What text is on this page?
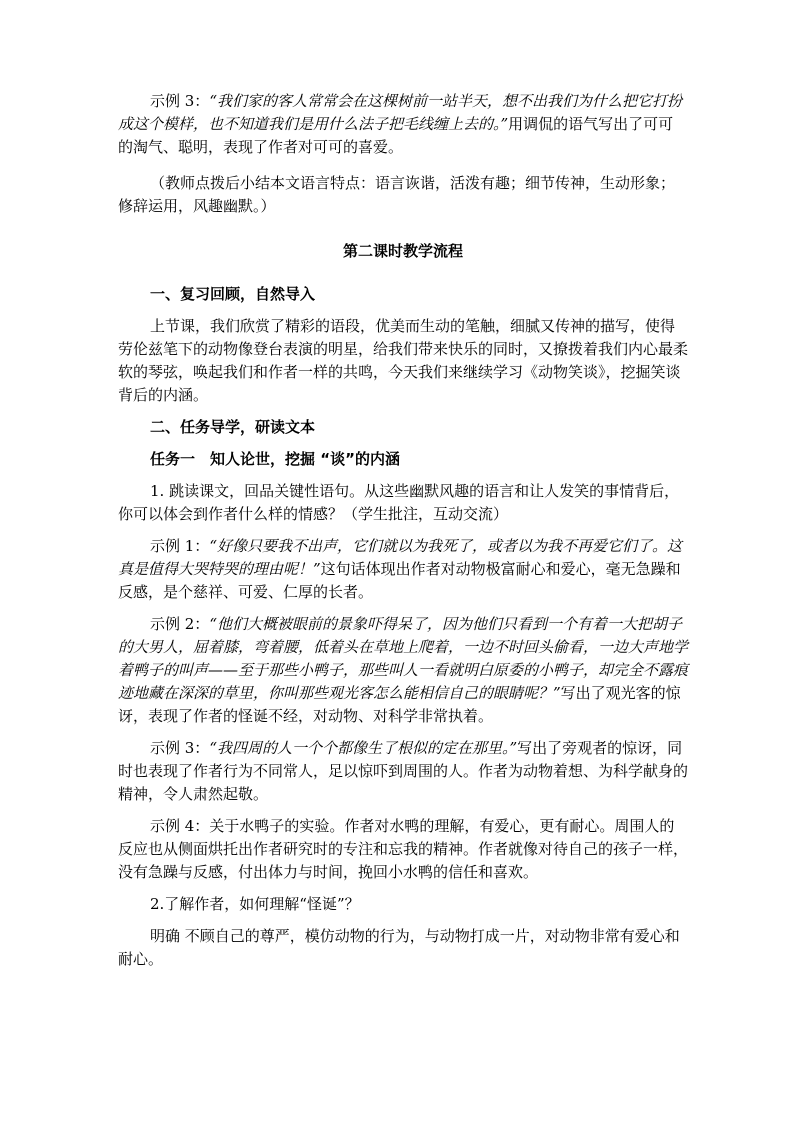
示例 3：“我们家的客人常常会在这棵树前一站半天，想不出我们为什么把它打扮成这个模样，也不知道我们是用什么法子把毛线缠上去的。”用调侃的语气写出了可可的淘气、聪明，表现了作者对可可的喜爱。

（教师点拨后小结本文语言特点：语言诙谐，活泼有趣；细节传神，生动形象；修辞运用，风趣幽默。）

第二课时教学流程

一、复习回顾，自然导入

上节课，我们欣赏了精彩的语段，优美而生动的笔触，细腻又传神的描写，使得劳伦兹笔下的动物像登台表演的明星，给我们带来快乐的同时，又撩拨着我们内心最柔软的琴弦，唤起我们和作者一样的共鸣，今天我们来继续学习《动物笑谈》，挖掘笑谈背后的内涵。

二、任务导学，研读文本

任务一　知人论世，挖掘 “谈”的内涵

1. 跳读课文，回品关键性语句。从这些幽默风趣的语言和让人发笑的事情背后，你可以体会到作者什么样的情感？（学生批注，互动交流）

示例 1：“好像只要我不出声，它们就以为我死了，或者以为我不再爱它们了。这真是值得大哭特哭的理由呢！”这句话体现出作者对动物极富耐心和爱心，毫无急躁和反感，是个慈祥、可爱、仁厚的长者。

示例 2：“他们大概被眼前的景象吓得呆了，因为他们只看到一个有着一大把胡子的大男人，屈着膝，弯着腰，低着头在草地上爬着，一边不时回头偷看，一边大声地学着鸭子的叫声——至于那些小鸭子，那些叫人一看就明白原委的小鸭子，却完全不露痕迹地藏在深深的草里，你叫那些观光客怎么能相信自己的眼睛呢？”写出了观光客的惊讶，表现了作者的怪诞不经，对动物、对科学非常执着。

示例 3：“我四周的人一个个都像生了根似的定在那里。”写出了旁观者的惊讶，同时也表现了作者行为不同常人，足以惊吓到周围的人。作者为动物着想、为科学献身的精神，令人肃然起敬。

示例 4：关于水鸭子的实验。作者对水鸭的理解，有爱心，更有耐心。周围人的反应也从侧面烘托出作者研究时的专注和忘我的精神。作者就像对待自己的孩子一样，没有急躁与反感，付出体力与时间，挽回小水鸭的信任和喜欢。

2.了解作者，如何理解“怪诞”？

明确 不顾自己的尊严，模仿动物的行为，与动物打成一片，对动物非常有爱心和耐心。
